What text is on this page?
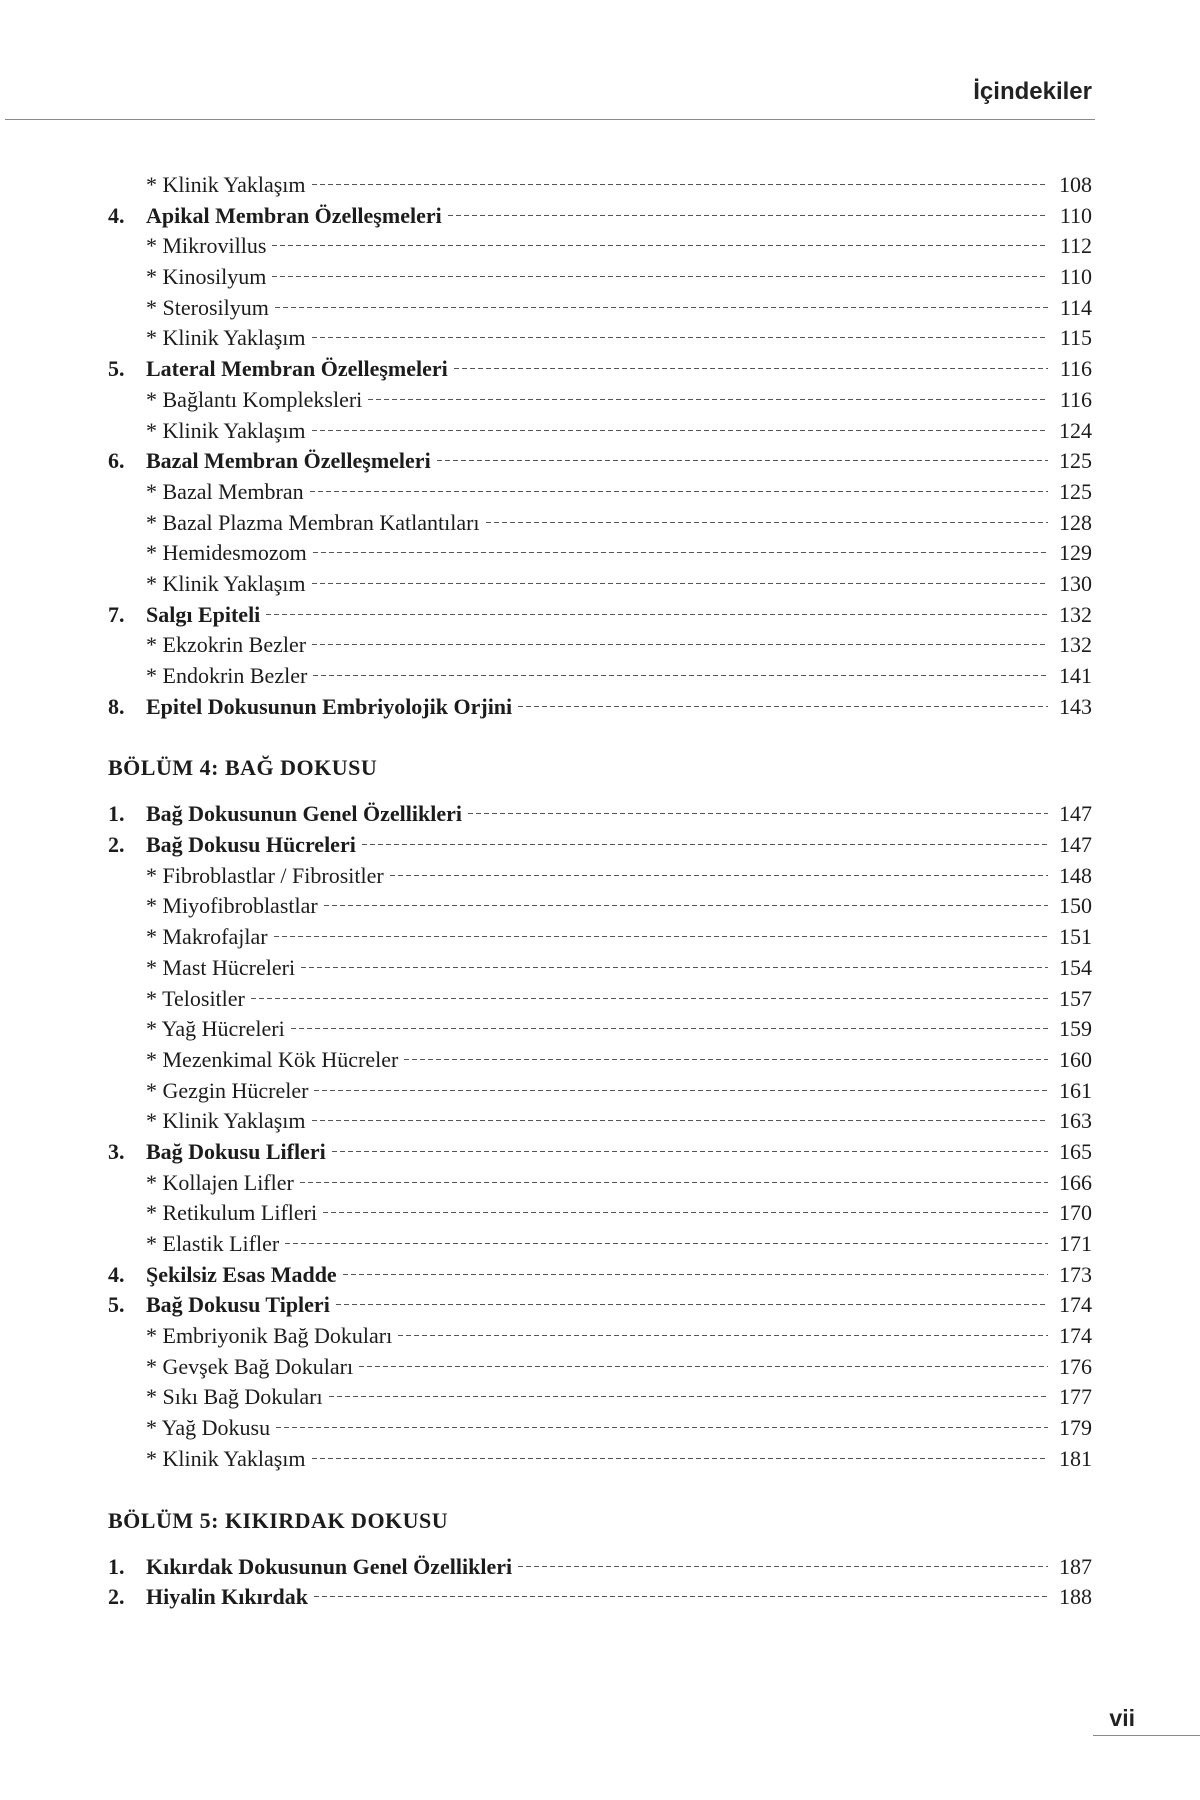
İçindekiler
* Klinik Yaklaşım	108
4. Apikal Membran Özelleşmeleri	110
* Mikrovillus	112
* Kinosilyum	110
* Sterosilyum	114
* Klinik Yaklaşım	115
5. Lateral Membran Özelleşmeleri	116
* Bağlantı Kompleksleri	116
* Klinik Yaklaşım	124
6. Bazal Membran Özelleşmeleri	125
* Bazal Membran	125
* Bazal Plazma Membran Katlantıları	128
* Hemidesmozom	129
* Klinik Yaklaşım	130
7. Salgı Epiteli	132
* Ekzokrin Bezler	132
* Endokrin Bezler	141
8. Epitel Dokusunun Embriyolojik Orjini	143
BÖLÜM 4: BAĞ DOKUSU
1. Bağ Dokusunun Genel Özellikleri	147
2. Bağ Dokusu Hücreleri	147
* Fibroblastlar / Fibrositler	148
* Miyofibroblastlar	150
* Makrofajlar	151
* Mast Hücreleri	154
* Telositler	157
* Yağ Hücreleri	159
* Mezenkimal Kök Hücreler	160
* Gezgin Hücreler	161
* Klinik Yaklaşım	163
3. Bağ Dokusu Lifleri	165
* Kollajen Lifler	166
* Retikulum Lifleri	170
* Elastik Lifler	171
4. Şekilsiz Esas Madde	173
5. Bağ Dokusu Tipleri	174
* Embriyonik Bağ Dokuları	174
* Gevşek Bağ Dokuları	176
* Sıkı Bağ Dokuları	177
* Yağ Dokusu	179
* Klinik Yaklaşım	181
BÖLÜM 5: KIKIRDAK DOKUSU
1. Kıkırdak Dokusunun Genel Özellikleri	187
2. Hiyalin Kıkırdak	188
vii
